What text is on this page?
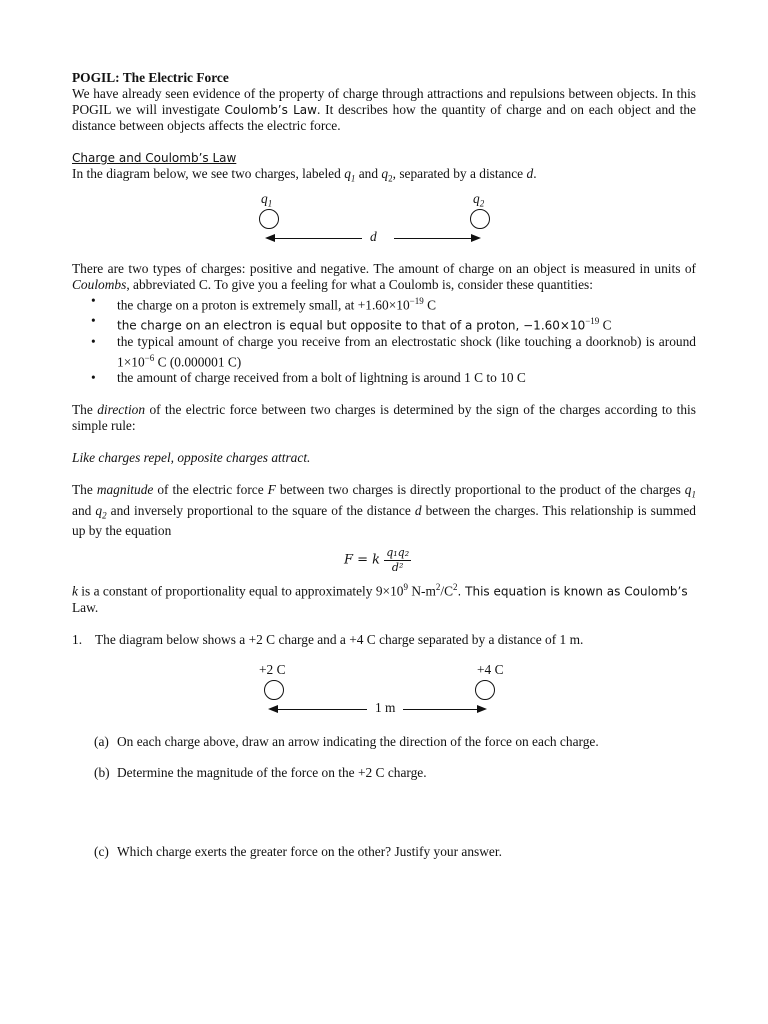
POGIL: The Electric Force

We have already seen evidence of the property of charge through attractions and repulsions between objects. In this POGIL we will investigate Coulomb’s Law. It describes how the quantity of charge and on each object and the distance between objects affects the electric force.

Charge and Coulomb’s Law

In the diagram below, we see two charges, labeled $q_1$ and $q_2$, separated by a distance d.

$q_1$	$q_2$
d

There are two types of charges: positive and negative. The amount of charge on an object is measured in units of Coulombs, abbreviated C. To give you a feeling for what a Coulomb is, consider these quantities:

• the charge on a proton is extremely small, at $+1.60\times 10^{-19}$ C
• the charge on an electron is equal but opposite to that of a proton, $-1.60\times 10^{-19}$ C
• the typical amount of charge you receive from an electrostatic shock (like touching a doorknob) is around $1\times 10^{-6}$ C (0.000001 C)
• the amount of charge received from a bolt of lightning is around 1 C to 10 C

The direction of the electric force between two charges is determined by the sign of the charges according to this simple rule:

Like charges repel, opposite charges attract.

The magnitude of the electric force F between two charges is directly proportional to the product of the charges $q_1$ and $q_2$ and inversely proportional to the square of the distance d between the charges. This relationship is summed up by the equation

F = k $\frac{\text{q₁q₂}}{\text{d²}}$

k is a constant of proportionality equal to approximately $9\times 10^9$ $N-m^2/C^2$. This equation is known as Coulomb’s
Law.

1. The diagram below shows a +2 C charge and a +4 C charge separated by a distance of 1 m.

+2 C	+4 C
1 m

(a) On each charge above, draw an arrow indicating the direction of the force on each charge.

(b) Determine the magnitude of the force on the +2 C charge.

(c) Which charge exerts the greater force on the other? Justify your answer.
